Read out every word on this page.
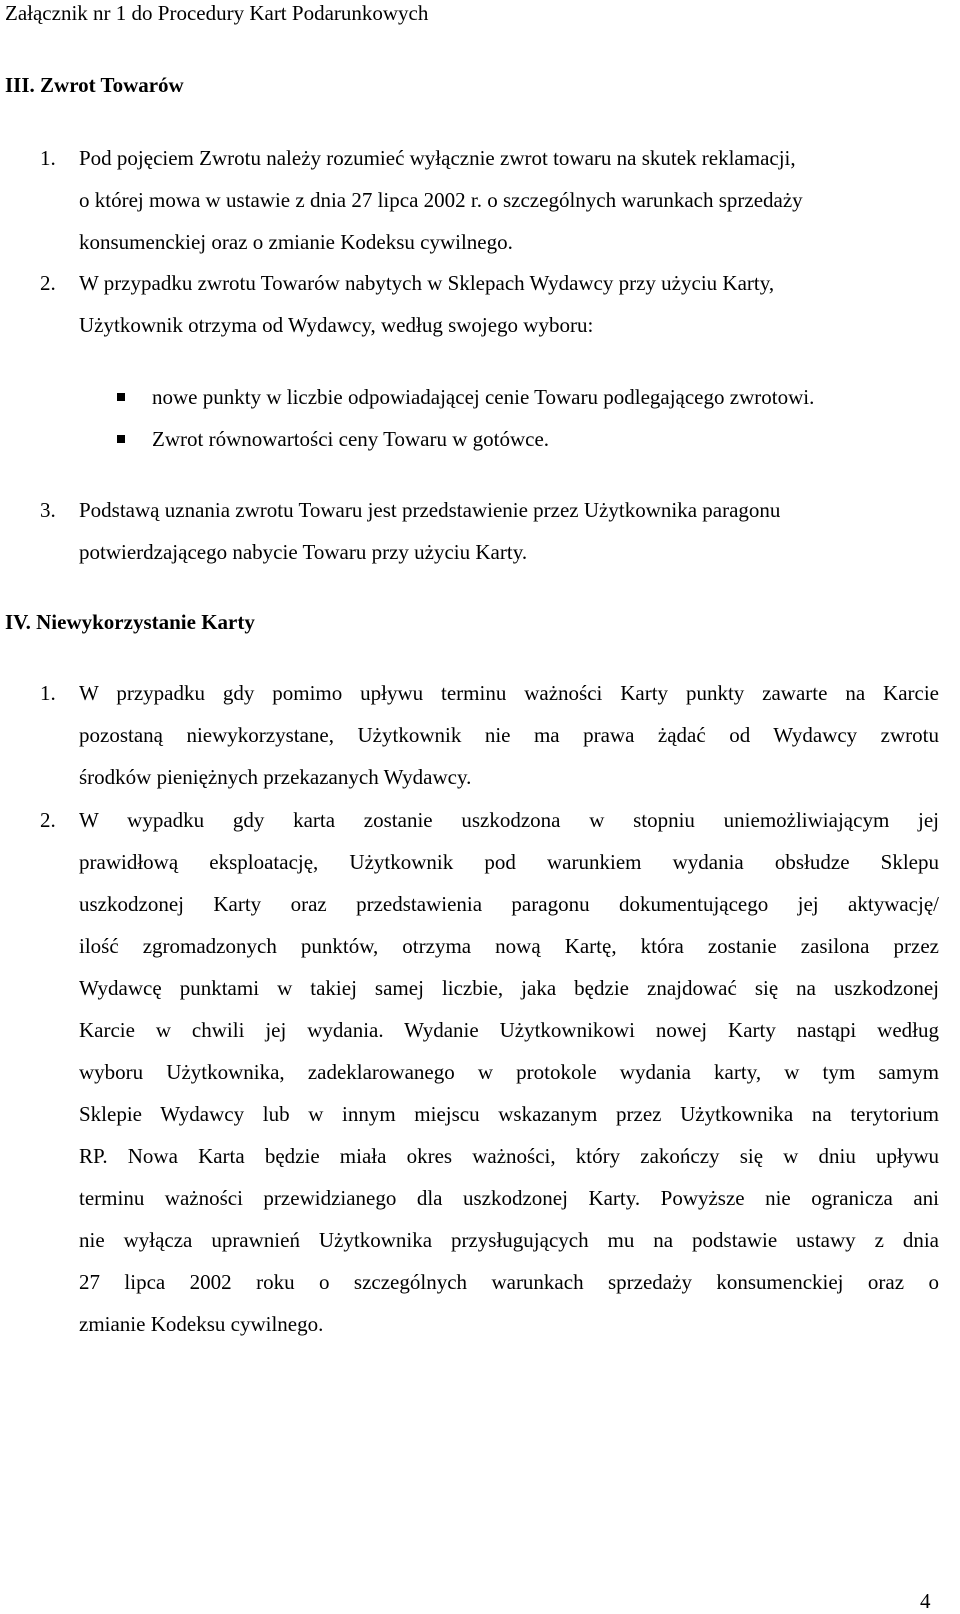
Załącznik nr 1 do Procedury Kart Podarunkowych
III. Zwrot Towarów
1. Pod pojęciem Zwrotu należy rozumieć wyłącznie zwrot towaru na skutek reklamacji,
o której mowa w ustawie z dnia 27 lipca 2002 r. o szczególnych warunkach sprzedaży
konsumenckiej oraz o zmianie Kodeksu cywilnego.
2. W przypadku zwrotu Towarów nabytych w Sklepach Wydawcy przy użyciu Karty,
Użytkownik otrzyma od Wydawcy, według swojego wyboru:
nowe punkty w liczbie odpowiadającej cenie Towaru podlegającego zwrotowi.
Zwrot równowartości ceny Towaru w gotówce.
3. Podstawą uznania zwrotu Towaru jest przedstawienie przez Użytkownika paragonu
potwierdzającego nabycie Towaru przy użyciu Karty.
IV. Niewykorzystanie Karty
1. W przypadku gdy pomimo upływu terminu ważności Karty punkty zawarte na Karcie
pozostaną niewykorzystane, Użytkownik nie ma prawa żądać od Wydawcy zwrotu
środków pieniężnych przekazanych Wydawcy.
2. W wypadku gdy karta zostanie uszkodzona w stopniu uniemożliwiającym jej
prawidłową eksploatację, Użytkownik pod warunkiem wydania obsłudze Sklepu
uszkodzonej Karty oraz przedstawienia paragonu dokumentującego jej aktywację/
ilość zgromadzonych punktów, otrzyma nową Kartę, która zostanie zasilona przez
Wydawcę punktami w takiej samej liczbie, jaka będzie znajdować się na uszkodzonej
Karcie w chwili jej wydania. Wydanie Użytkownikowi nowej Karty nastąpi według
wyboru Użytkownika, zadeklarowanego w protokole wydania karty, w tym samym
Sklepie Wydawcy lub w innym miejscu wskazanym przez Użytkownika na terytorium
RP. Nowa Karta będzie miała okres ważności, który zakończy się w dniu upływu
terminu ważności przewidzianego dla uszkodzonej Karty. Powyższe nie ogranicza ani
nie wyłącza uprawnień Użytkownika przysługujących mu na podstawie ustawy z dnia
27 lipca 2002 roku o szczególnych warunkach sprzedaży konsumenckiej oraz o
zmianie Kodeksu cywilnego.
4
